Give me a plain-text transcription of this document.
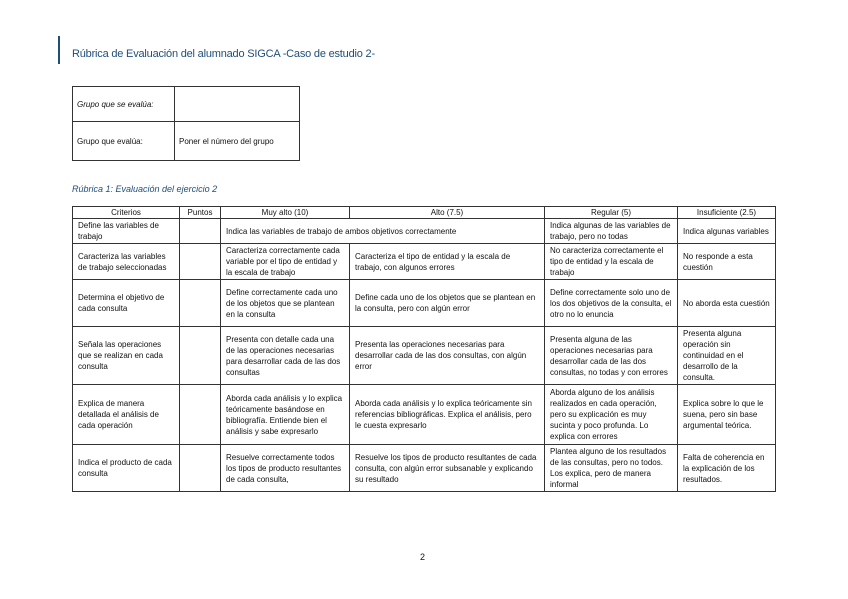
Rúbrica de Evaluación del alumnado SIGCA -Caso de estudio 2-
Grupo que se evalúa:	
Grupo que evalúa:	Poner el número del grupo
Rúbrica 1: Evaluación del ejercicio 2
Criterios	Puntos	Muy alto (10)	Alto (7.5)	Regular (5)	Insuficiente (2.5)
Define las variables de trabajo		Indica las variables de trabajo de ambos objetivos correctamente		Indica algunas de las variables de trabajo, pero no todas	Indica algunas variables
Caracteriza las variables de trabajo seleccionadas		Caracteriza correctamente cada variable por el tipo de entidad y la escala de trabajo	Caracteriza el tipo de entidad y la escala de trabajo, con algunos errores	No caracteriza correctamente el tipo de entidad y la escala de trabajo	No responde a esta cuestión
Determina el objetivo de cada consulta		Define correctamente cada uno de los objetos que se plantean en la consulta	Define cada uno de los objetos que se plantean en la consulta, pero con algún error	Define correctamente solo uno de los dos objetivos de la consulta, el otro no lo enuncia	No aborda esta cuestión
Señala las operaciones que se realizan en cada consulta		Presenta con detalle cada una de las operaciones necesarias para desarrollar cada de las dos consultas	Presenta las operaciones necesarias para desarrollar cada de las dos consultas, con algún error	Presenta alguna de las operaciones necesarias para desarrollar cada de las dos consultas, no todas y con errores	Presenta alguna operación sin continuidad en el desarrollo de la consulta.
Explica de manera detallada el análisis de cada operación		Aborda cada análisis y lo explica teóricamente basándose en bibliografía. Entiende bien el análisis y sabe expresarlo	Aborda cada análisis y lo explica teóricamente sin referencias bibliográficas. Explica el análisis, pero le cuesta expresarlo	Aborda alguno de los análisis realizados en cada operación, pero su explicación es muy sucinta y poco profunda. Lo explica con errores	Explica sobre lo que le suena, pero sin base argumental teórica.
Indica el producto de cada consulta		Resuelve correctamente todos los tipos de producto resultantes de cada consulta,	Resuelve los tipos de producto resultantes de cada consulta, con algún error subsanable y explicando su resultado	Plantea alguno de los resultados de las consultas, pero no todos. Los explica, pero de manera informal	Falta de coherencia en la explicación de los resultados.
2
